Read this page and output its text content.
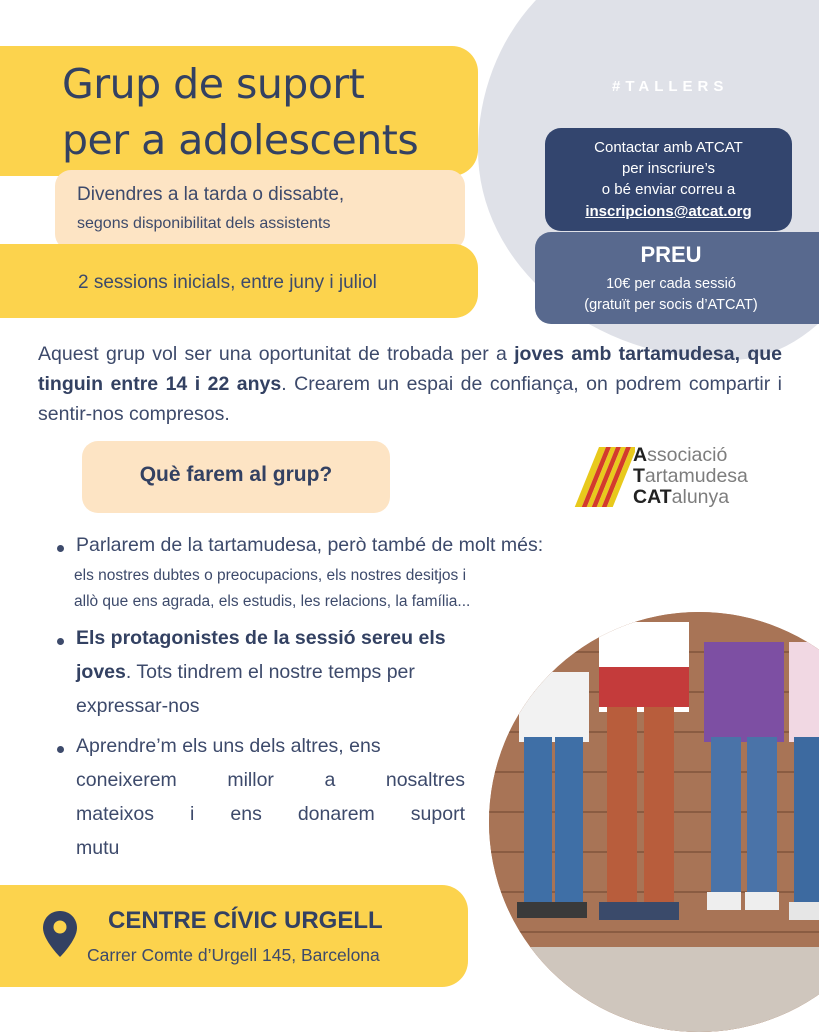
Grup de suport
per a adolescents
Divendres a la tarda o dissabte,
segons disponibilitat dels assistents
2 sessions inicials, entre juny i juliol
#TALLERS
Contactar amb ATCAT
per inscriure’s
o bé enviar correu a
inscripcions@atcat.org
PREU
10€ per cada sessió
(gratuït per socis d’ATCAT)
Aquest grup vol ser una oportunitat de trobada per a joves amb tartamudesa, que tinguin entre 14 i 22 anys. Crearem un espai de confiança, on podrem compartir i sentir-nos compresos.
Què farem al grup?
Associació
Tartamudesa
CATalunya
Parlarem de la tartamudesa, però també de molt més:
els nostres dubtes o preocupacions, els nostres desitjos i
allò que ens agrada, els estudis, les relacions, la família...
Els protagonistes de la sessió sereu els
joves. Tots tindrem el nostre temps per
expressar-nos
Aprendre’m els uns dels altres, ens
coneixerem millor a nosaltres
mateixos i ens donarem suport
mutu
CENTRE CÍVIC URGELL
Carrer Comte d’Urgell 145, Barcelona
